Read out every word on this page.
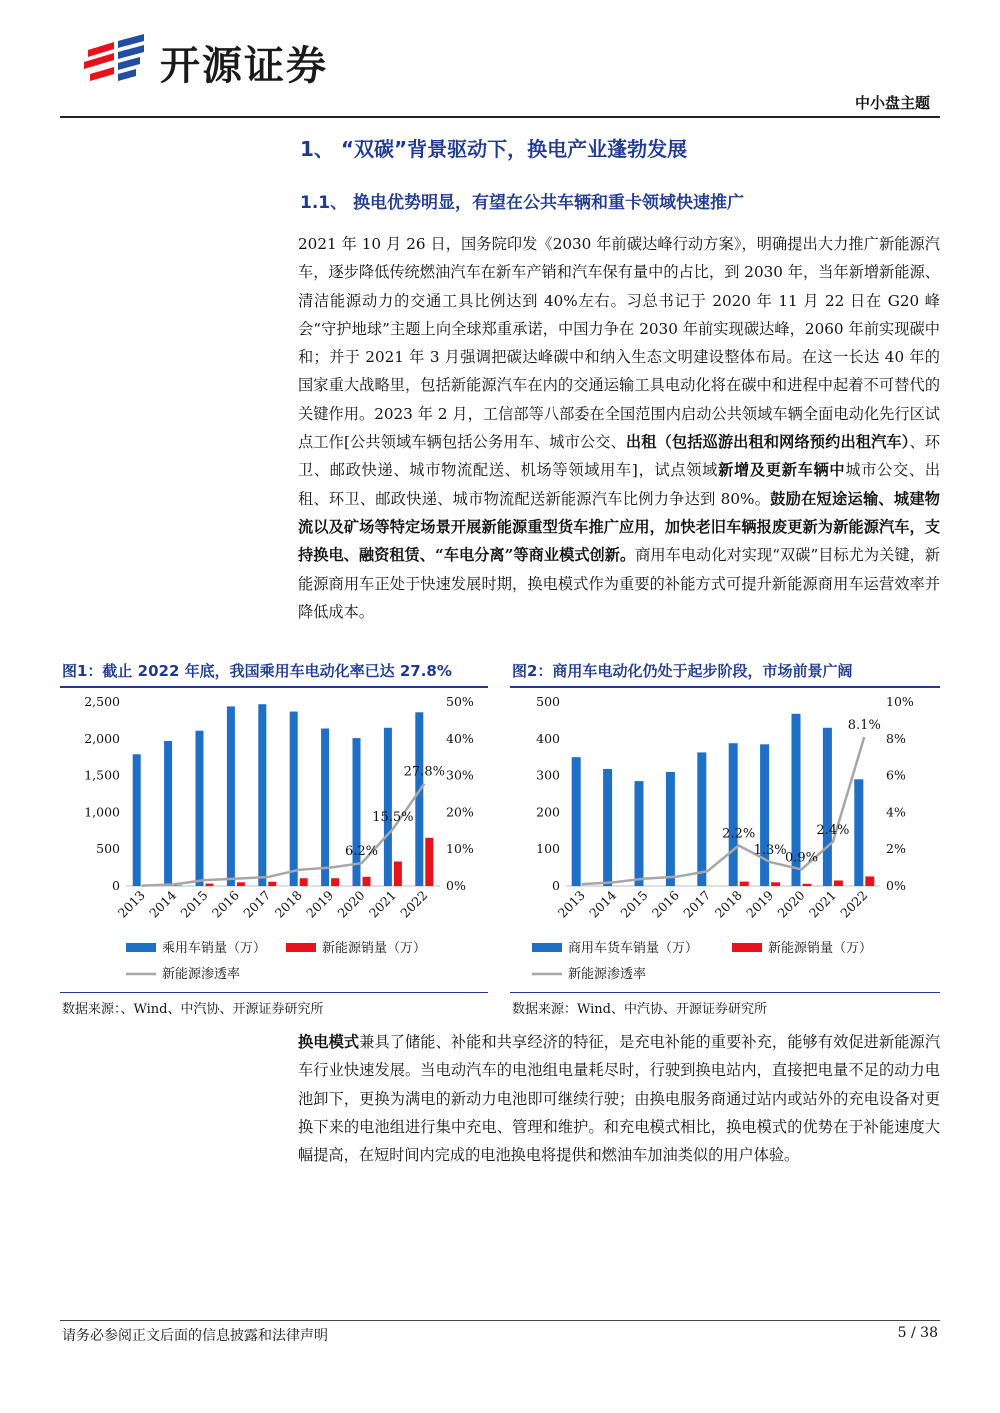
开源证券
中小盘主题
1、 “双碳”背景驱动下，换电产业蓬勃发展
1.1、 换电优势明显，有望在公共车辆和重卡领域快速推广
2021 年 10 月 26 日，国务院印发《2030 年前碳达峰行动方案》，明确提出大力推广新能源汽车，逐步降低传统燃油汽车在新车产销和汽车保有量中的占比，到 2030 年，当年新增新能源、清洁能源动力的交通工具比例达到 40%左右。习总书记于 2020 年 11 月 22 日在 G20 峰会“守护地球”主题上向全球郑重承诺，中国力争在 2030 年前实现碳达峰，2060 年前实现碳中和；并于 2021 年 3 月强调把碳达峰碳中和纳入生态文明建设整体布局。在这一长达 40 年的国家重大战略里，包括新能源汽车在内的交通运输工具电动化将在碳中和进程中起着不可替代的关键作用。2023 年 2 月，工信部等八部委在全国范围内启动公共领域车辆全面电动化先行区试点工作[公共领域车辆包括公务用车、城市公交、出租（包括巡游出租和网络预约出租汽车）、环卫、邮政快递、城市物流配送、机场等领域用车]，试点领域新增及更新车辆中城市公交、出租、环卫、邮政快递、城市物流配送新能源汽车比例力争达到 80%。鼓励在短途运输、城建物流以及矿场等特定场景开展新能源重型货车推广应用，加快老旧车辆报废更新为新能源汽车，支持换电、融资租赁、“车电分离”等商业模式创新。商用车电动化对实现“双碳”目标尤为关键，新能源商用车正处于快速发展时期，换电模式作为重要的补能方式可提升新能源商用车运营效率并降低成本。
图1：截止 2022 年底，我国乘用车电动化率已达 27.8%
0
500
1,000
1,500
2,000
2,500
0%
10%
20%
30%
40%
50%
2013
2014
2015
2016
2017
2018
2019
2020
2021
2022
6.2%
15.5%
27.8%
乘用车销量（万）	新能源销量（万）
新能源渗透率
数据来源：、Wind、中汽协、开源证券研究所
图2：商用车电动化仍处于起步阶段，市场前景广阔
0
100
200
300
400
500
0%
2%
4%
6%
8%
10%
2013
2014
2015
2016
2017
2018
2019
2020
2021
2022
2.2%
1.3%
0.9%
2.4%
8.1%
商用车货车销量（万）	新能源销量（万）
新能源渗透率
数据来源：Wind、中汽协、开源证券研究所
换电模式兼具了储能、补能和共享经济的特征，是充电补能的重要补充，能够有效促进新能源汽车行业快速发展。当电动汽车的电池组电量耗尽时，行驶到换电站内，直接把电量不足的动力电池卸下，更换为满电的新动力电池即可继续行驶；由换电服务商通过站内或站外的充电设备对更换下来的电池组进行集中充电、管理和维护。和充电模式相比，换电模式的优势在于补能速度大幅提高，在短时间内完成的电池换电将提供和燃油车加油类似的用户体验。
请务必参阅正文后面的信息披露和法律声明	5 / 38
